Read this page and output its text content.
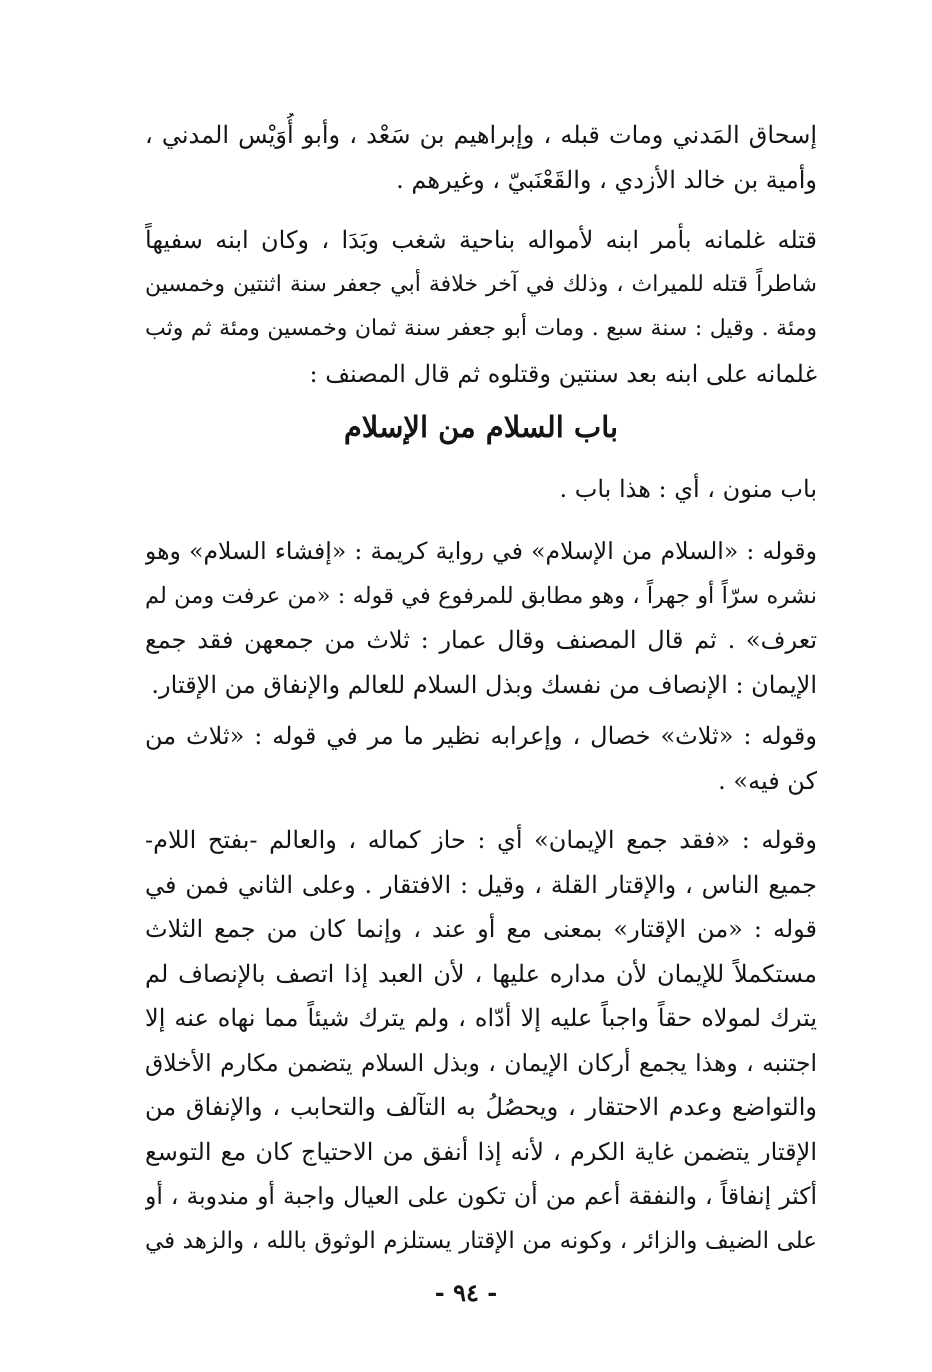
إسحاق المَدني ومات قبله ، وإبراهيم بن سَعْد ، وأبو أُوَيْس المدني ،
وأمية بن خالد الأزدي ، والقَعْنَبيّ ، وغيرهم .
قتله غلمانه بأمر ابنه لأمواله بناحية شغب وبَدَا ، وكان ابنه سفيهاً
شاطراً قتله للميراث ، وذلك في آخر خلافة أبي جعفر سنة اثنتين وخمسين
ومئة . وقيل : سنة سبع . ومات أبو جعفر سنة ثمان وخمسين ومئة ثم وثب
غلمانه على ابنه بعد سنتين وقتلوه ثم قال المصنف :
باب السلام من الإسلام
باب منون ، أي : هذا باب .
وقوله : «السلام من الإسلام» في رواية كريمة : «إفشاء السلام» وهو
نشره سرّاً أو جهراً ، وهو مطابق للمرفوع في قوله : «من عرفت ومن لم
تعرف» . ثم قال المصنف وقال عمار : ثلاث من جمعهن فقد جمع
الإيمان : الإنصاف من نفسك وبذل السلام للعالم والإنفاق من الإقتار.
وقوله : «ثلاث» خصال ، وإعرابه نظير ما مر في قوله : «ثلاث من
كن فيه» .
وقوله : «فقد جمع الإيمان» أي : حاز كماله ، والعالم -بفتح اللام-
جميع الناس ، والإقتار القلة ، وقيل : الافتقار . وعلى الثاني فمن في
قوله : «من الإقتار» بمعنى مع أو عند ، وإنما كان من جمع الثلاث
مستكملاً للإيمان لأن مداره عليها ، لأن العبد إذا اتصف بالإنصاف لم
يترك لمولاه حقاً واجباً عليه إلا أدّاه ، ولم يترك شيئاً مما نهاه عنه إلا
اجتنبه ، وهذا يجمع أركان الإيمان ، وبذل السلام يتضمن مكارم الأخلاق
والتواضع وعدم الاحتقار ، ويحصُلُ به التآلف والتحابب ، والإنفاق من
الإقتار يتضمن غاية الكرم ، لأنه إذا أنفق من الاحتياج كان مع التوسع
أكثر إنفاقاً ، والنفقة أعم من أن تكون على العيال واجبة أو مندوبة ، أو
على الضيف والزائر ، وكونه من الإقتار يستلزم الوثوق بالله ، والزهد في
- ٩٤ -
